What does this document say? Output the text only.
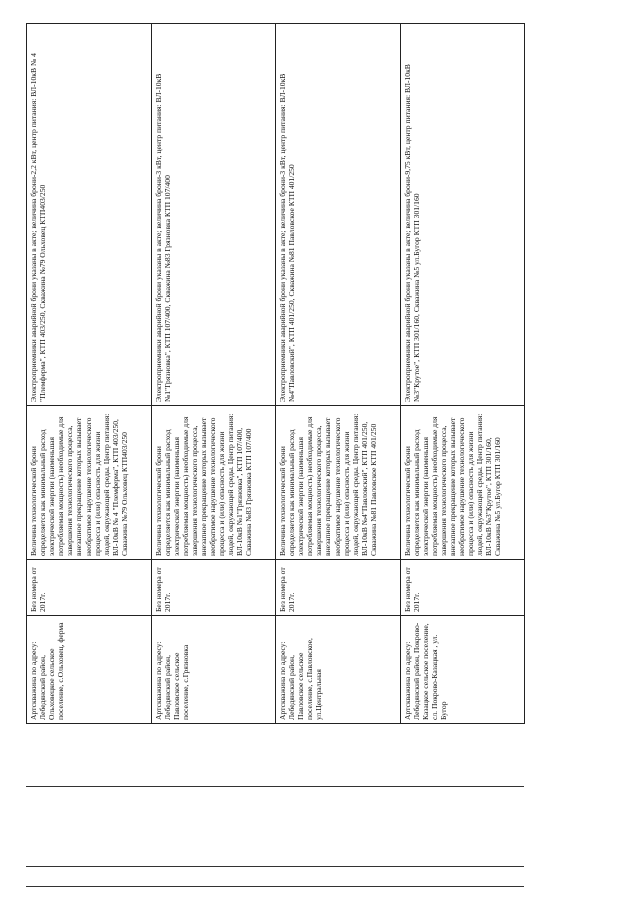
Артскважина по адресу: Лебедянский район, Ольховецкое сельское поселение, с.Ольховец, ферма	Без номера от 2017г.	Величина технологической брони определяется как минимальный расход электрической энергии (наименьшая потребляемая мощность) необходимые для завершения технологического процесса, внезапное прекращение которых вызывает необратимое нарушение технологического процесса и (или) опасность для жизни людей, окружающей среды. Центр питания: ВЛ-10кВ № 4 "Племферма", КТП 403/250, Скважина №79 Ольховец КТП403/250	Электроприемники аварийной брони указаны в акте; величина брони-2,2 кВт, центр питания: ВЛ-10кВ № 4 "Племферма", КТП 403/250, Скважина №79 Ольховец КТП403/250
Артскважина по адресу: Лебедянский район, Павловское сельское поселение, с.Грязновка	Без номера от 2017г.	Величина технологической брони определяется как минимальный расход электрической энергии (наименьшая потребляемая мощность) необходимые для завершения технологического процесса, внезапное прекращение которых вызывает необратимое нарушение технологического процесса и (или) опасность для жизни людей, окружающей среды. Центр питания: ВЛ-10кВ №1"Грязновка", КТП 107/400, Скважина №83 Грязновка КТП 107/400	Электроприемники аварийной брони указаны в акте; величина брони-3 кВт, центр питания: ВЛ-10кВ №1"Грязновка", КТП 107/400, Скважина №83 Грязновка КТП 107/400
Артскважина по адресу: Лебедянский район, Павловское сельское поселение, с.Павловское, ул.Центральная	Без номера от 2017г.	Величина технологической брони определяется как минимальный расход электрической энергии (наименьшая потребляемая мощность) необходимые для завершения технологического процесса, внезапное прекращение которых вызывает необратимое нарушение технологического процесса и (или) опасность для жизни людей, окружающей среды. Центр питания: ВЛ-10кВ №4"Павловский", КТП 401/250, Скважина №81 Павловское КТП 401/250	Электроприемники аварийной брони указаны в акте; величина брони-3 кВт, центр питания: ВЛ-10кВ №4"Павловский", КТП 401/250, Скважина №81 Павловское КТП 401/250
Артскважина по адресу: Лебедянский район, Покрово-Казацкое сельское поселение, сл. Покрово-Казацкая , ул. Бугор	Без номера от 2017г.	Величина технологической брони определяется как минимальный расход электрической энергии (наименьшая потребляемая мощность) необходимые для завершения технологического процесса, внезапное прекращение которых вызывает необратимое нарушение технологического процесса и (или) опасность для жизни людей, окружающей среды. Центр питания: ВЛ-10кВ №3"Крутое", КТП 301/160, Скважина №5 ул.Бугор КТП 301/160	Электроприемники аварийной брони указаны в акте; величина брони-9,75 кВт, центр питания: ВЛ-10кВ №3"Крутое", КТП 301/160, Скважина №5 ул.Бугор КТП 301/160
